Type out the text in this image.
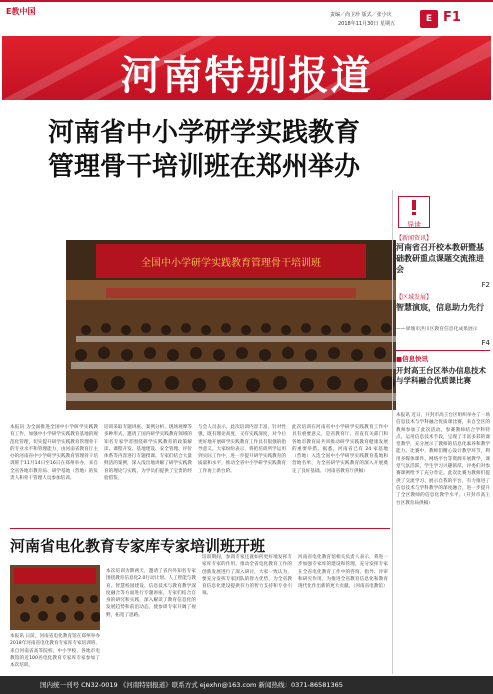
E教中国	责编／尚卫珍 版式／张小庆
2018年11月30日 星期五	E F1
河南特别报道
河南省中小学研学实践教育
管理骨干培训班在郑州举办
全国中小学研学实践教育管理骨干培训班
本报讯 为全面推进全国中小学研学实践教育工作，加强中小学研学实践教育基地的规范化管理，切实提升研学实践教育管理骨干的专业水平和管理能力，由河南省教育厅主办的河南省中小学研学实践教育管理骨干培训班于11月14日至16日在郑州举办，来自全省各地市教育局、研学基地（营地）的负责人和骨干管理人员参加培训。
培训采取专题讲座、案例分析、现场观摩等多种形式，邀请了国内研学实践教育领域的知名专家学者围绕研学实践教育的政策解读、课程开发、基地建设、安全管理、评价体系等内容进行专题授课。专家们结合大量鲜活的案例，深入浅出地讲解了研学实践教育的理论与实践，为学员们提供了宝贵的经验借鉴。
与会人员表示，此次培训内容丰富、针对性强，既有理论高度，又有实践深度，对今后更好地开展研学实践教育工作具有很强的指导意义。大家纷纷表示，将把培训所学运用到实际工作中，进一步提升研学实践教育的质量和水平，推动全省中小学研学实践教育工作再上新台阶。
此次培训在河南省中小学研学实践教育工作中具有重要意义，是省教育厅、省直有关部门和各地市教育局共同推动研学实践教育健康发展的重要举措。据悉，河南省已有 24 家基地（营地）入选全国中小学研学实践教育基地和营地名单，为全省研学实践教育的深入开展奠定了良好基础。（河南省教育厅供稿）
河南省电化教育专家库专家培训班开班
本报讯 日前，河南省电化教育馆在郑州举办2018年河南省电化教育专家库专家培训班，来自河南省高等院校、中小学校、各地市电教馆的近100名电化教育专家库专家参加了本次培训。
本次培训为期两天，邀请了省内外知名专家围绕教育信息化2.0行动计划、人工智能与教育、智慧校园建设、信息技术与教育教学深度融合等方面进行专题讲座。专家们结合自身的研究和实践，深入解读了教育信息化的发展趋势和前沿动态，使参训专家开阔了视野，拓宽了思路。
培训期间，参训专家还就如何更好地发挥专家库专家的作用、推动全省电化教育工作的创新发展进行了深入研讨，大家一致认为，要充分发挥专家团队的智力优势，为全省教育信息化建设提供有力的智力支持和专业引领。
河南省电化教育馆相关负责人表示，将进一步加强专家库的建设和管理，充分发挥专家在全省电化教育工作中的咨询、指导、评审和研究作用，为推进全省教育信息化和教育现代化作出新的更大贡献。（河南省电教馆）
导读
【新闻资讯】
河南省召开校本教研暨基础教研重点课题交流推进会
F2
【区域发展】
智慧演宸，信息助力先行
——驿城市洪川区教育信息化成果展示
F4
■信息快讯
开封高王台区举办信息技术与学科融合优质课比赛
本报讯 近日，开封市高王台区组织举办了一场信息技术与学科融合优质课比赛，来自全区的教师参加了此次活动，参赛教师结合学科特点，运用信息技术手段，呈现了丰富多彩的课堂教学，充分展示了教师的信息化素养和教学能力。比赛中，教师们精心设计教学环节，利用多媒体课件、网络平台等资源开展教学，课堂气氛活跃，学生学习兴趣浓厚，评委们对参赛课例给予了充分肯定。此次比赛为教师们提供了交流学习、展示自我的平台，有力推进了信息技术与学科教学的深度融合，进一步提升了全区教师的信息化教学水平。（开封市高王台区教育局供稿）
国内统一刊号 CN32-0019 《河南特别报道》联系方式 ejexhn@163.com 新闻热线：0371-86581365
